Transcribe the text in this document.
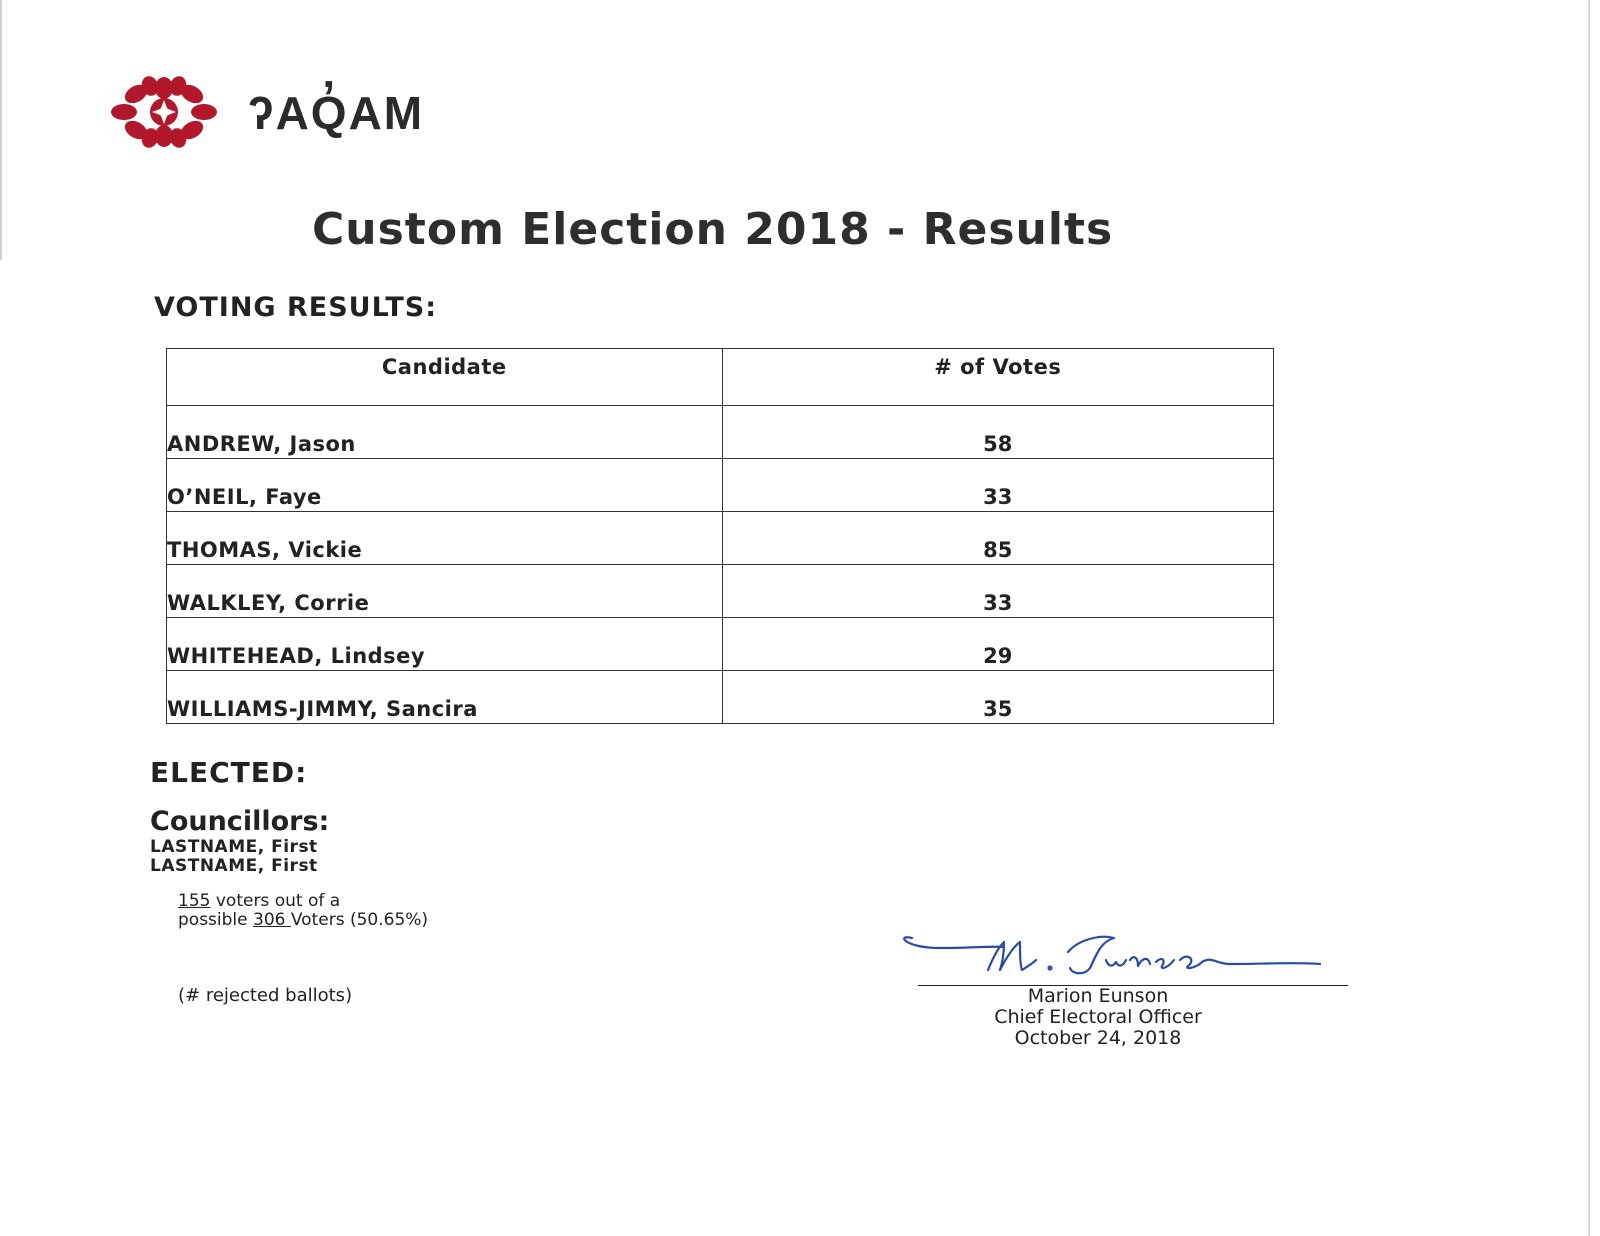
ʔAQ̓AM
Custom Election 2018 - Results
VOTING RESULTS:
Candidate	# of Votes
ANDREW, Jason	58
O’NEIL, Faye	33
THOMAS, Vickie	85
WALKLEY, Corrie	33
WHITEHEAD, Lindsey	29
WILLIAMS-JIMMY, Sancira	35
ELECTED:
Councillors:
LASTNAME, First
LASTNAME, First
155 voters out of a
possible 306 Voters (50.65%)
(# rejected ballots)	Marion Eunson
Chief Electoral Officer
October 24, 2018
